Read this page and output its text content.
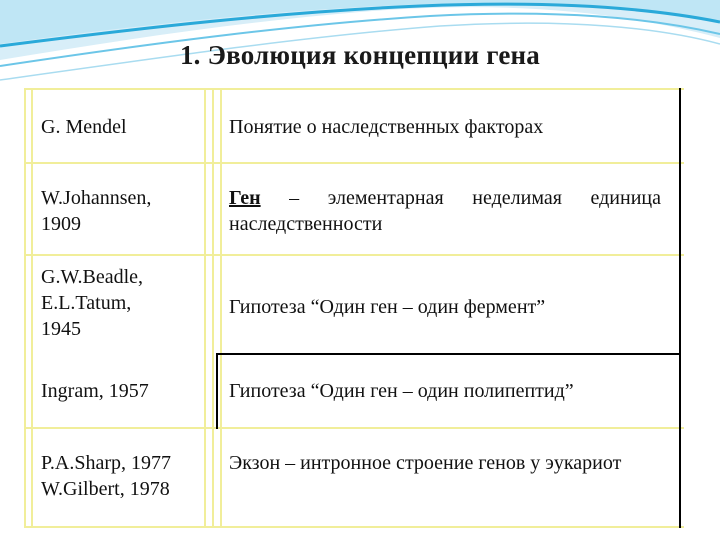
1. Эволюция концепции гена
G. Mendel	Понятие о наследственных факторах
W.Johannsen,
1909
Ген – элементарная неделимая единица наследственности
G.W.Beadle,
E.L.Tatum,
1945
Гипотеза “Один ген – один фермент”
Ingram, 1957	Гипотеза “Один ген – один полипептид”
P.A.Sharp, 1977
W.Gilbert, 1978
Экзон – интронное строение генов у эукариот
